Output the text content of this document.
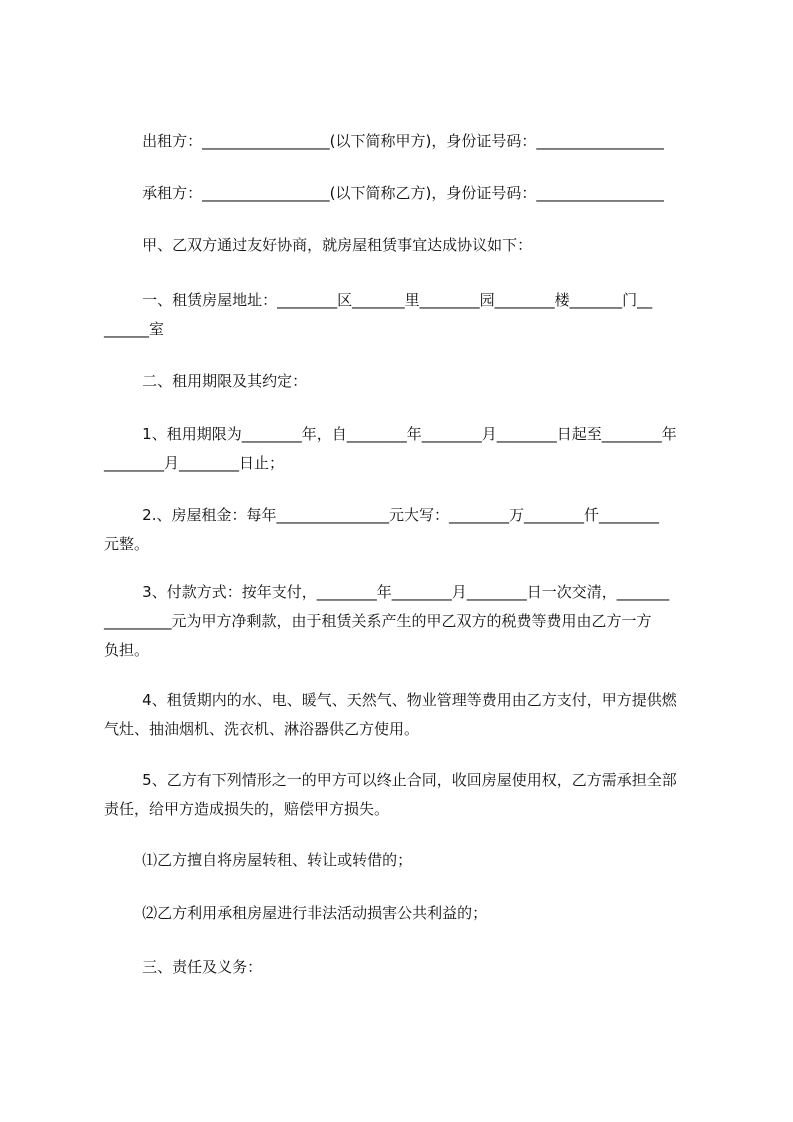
出租方：_________________(以下简称甲方)，身份证号码：_________________

承租方：_________________(以下简称乙方)，身份证号码：_________________

甲、乙双方通过友好协商，就房屋租赁事宜达成协议如下：

一、租赁房屋地址：________区_______里________园________楼_______门__
______室

二、租用期限及其约定：

1、租用期限为________年，自________年________月________日起至________年
________月________日止；

2.、房屋租金：每年_______________元大写：________万________仟________
元整。

3、付款方式：按年支付，________年________月________日一次交清，_______
_________元为甲方净剩款，由于租赁关系产生的甲乙双方的税费等费用由乙方一方
负担。

4、租赁期内的水、电、暖气、天然气、物业管理等费用由乙方支付，甲方提供燃
气灶、抽油烟机、洗衣机、淋浴器供乙方使用。

5、乙方有下列情形之一的甲方可以终止合同，收回房屋使用权，乙方需承担全部
责任，给甲方造成损失的，赔偿甲方损失。

⑴乙方擅自将房屋转租、转让或转借的；

⑵乙方利用承租房屋进行非法活动损害公共利益的；

三、责任及义务：
